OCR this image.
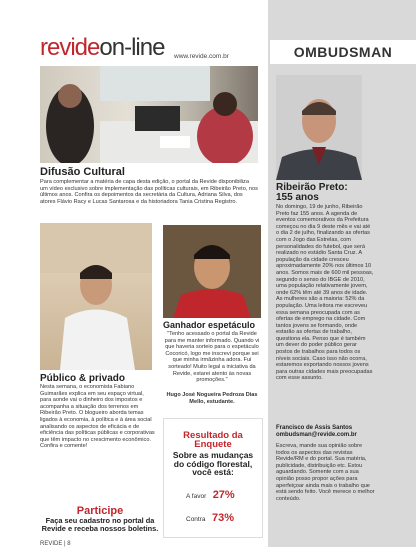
revideon-line www.revide.com.br
Difusão Cultural
Para complementar a matéria de capa desta edição, o portal da Revide disponibiliza um vídeo exclusivo sobre implementação das políticas culturais, em Ribeirão Preto, nos últimos anos. Confira os depoimentos da secretária da Cultura, Adriana Silva, dos atores Flávio Racy e Lucas Santarosa e da historiadora Tania Cristina Registro.
Ganhador espetáculo
"Tenho acessado o portal da Revide para me manter informado. Quando vi que haveria sorteio para o espetáculo Cocoricó, logo me inscrevi porque sei que minha irmãzinha adora. Fui sorteado! Muito legal a iniciativa da Revide, estarei atento às novas promoções."
Hugo José Nogueira Pedroza Dias Mello, estudante.
Público & privado
Nesta semana, o economista Fabiano Guimarães explica em seu espaço virtual, para aonde vai o dinheiro dos impostos e acompanha a situação dos terrenos em Ribeirão Preto. O blogueiro aborda temas ligados à economia, à política e à área social analisando os aspectos de eficácia e de eficiência das políticas públicas e corporativas que têm impacto no crescimento econômico. Confira e comente!
Participe
Faça seu cadastro no portal da Revide e receba nossos boletins.
Resultado da Enquete
Sobre as mudanças do código florestal, você está:
A favor 27%
Contra 73%
OMBUDSMAN
Ribeirão Preto:
155 anos
No domingo, 19 de junho, Ribeirão Preto faz 155 anos. A agenda de eventos comemorativos da Prefeitura começou no dia 9 deste mês e vai até o dia 2 de julho, finalizando as ofertas com o Jogo das Estrelas, com personalidades do futebol, que será realizado no estádio Santa Cruz. A população da cidade cresceu aproximadamente 20% nos últimos 10 anos. Somos mais de 600 mil pessoas, segundo o senso do IBGE de 2010, uma população relativamente jovem, onde 62% têm até 39 anos de idade. As mulheres são a maioria: 52% da população. Uma leitora me escreveu essa semana preocupada com as ofertas de emprego na cidade. Com tantos jovens se formando, onde estarão as ofertas de trabalho, questiona ela. Penso que é também um dever do poder público gerar postos de trabalhos para todos os níveis sociais. Caso isso não ocorra, estaremos exportando nossos jovens para outras cidades mais preocupadas com esse assunto.
Francisco de Assis Santos
ombudsman@revide.com.br
Escreva, mande sua opinião sobre todos os aspectos das revistas Revide/RM e do portal. Sua matéria, publicidade, distribuição etc. Estou aguardando. Somente com a sua opinião posso propor ações para aperfeiçoar ainda mais o trabalho que está sendo feito. Você merece o melhor conteúdo.
REVIDE | 8
